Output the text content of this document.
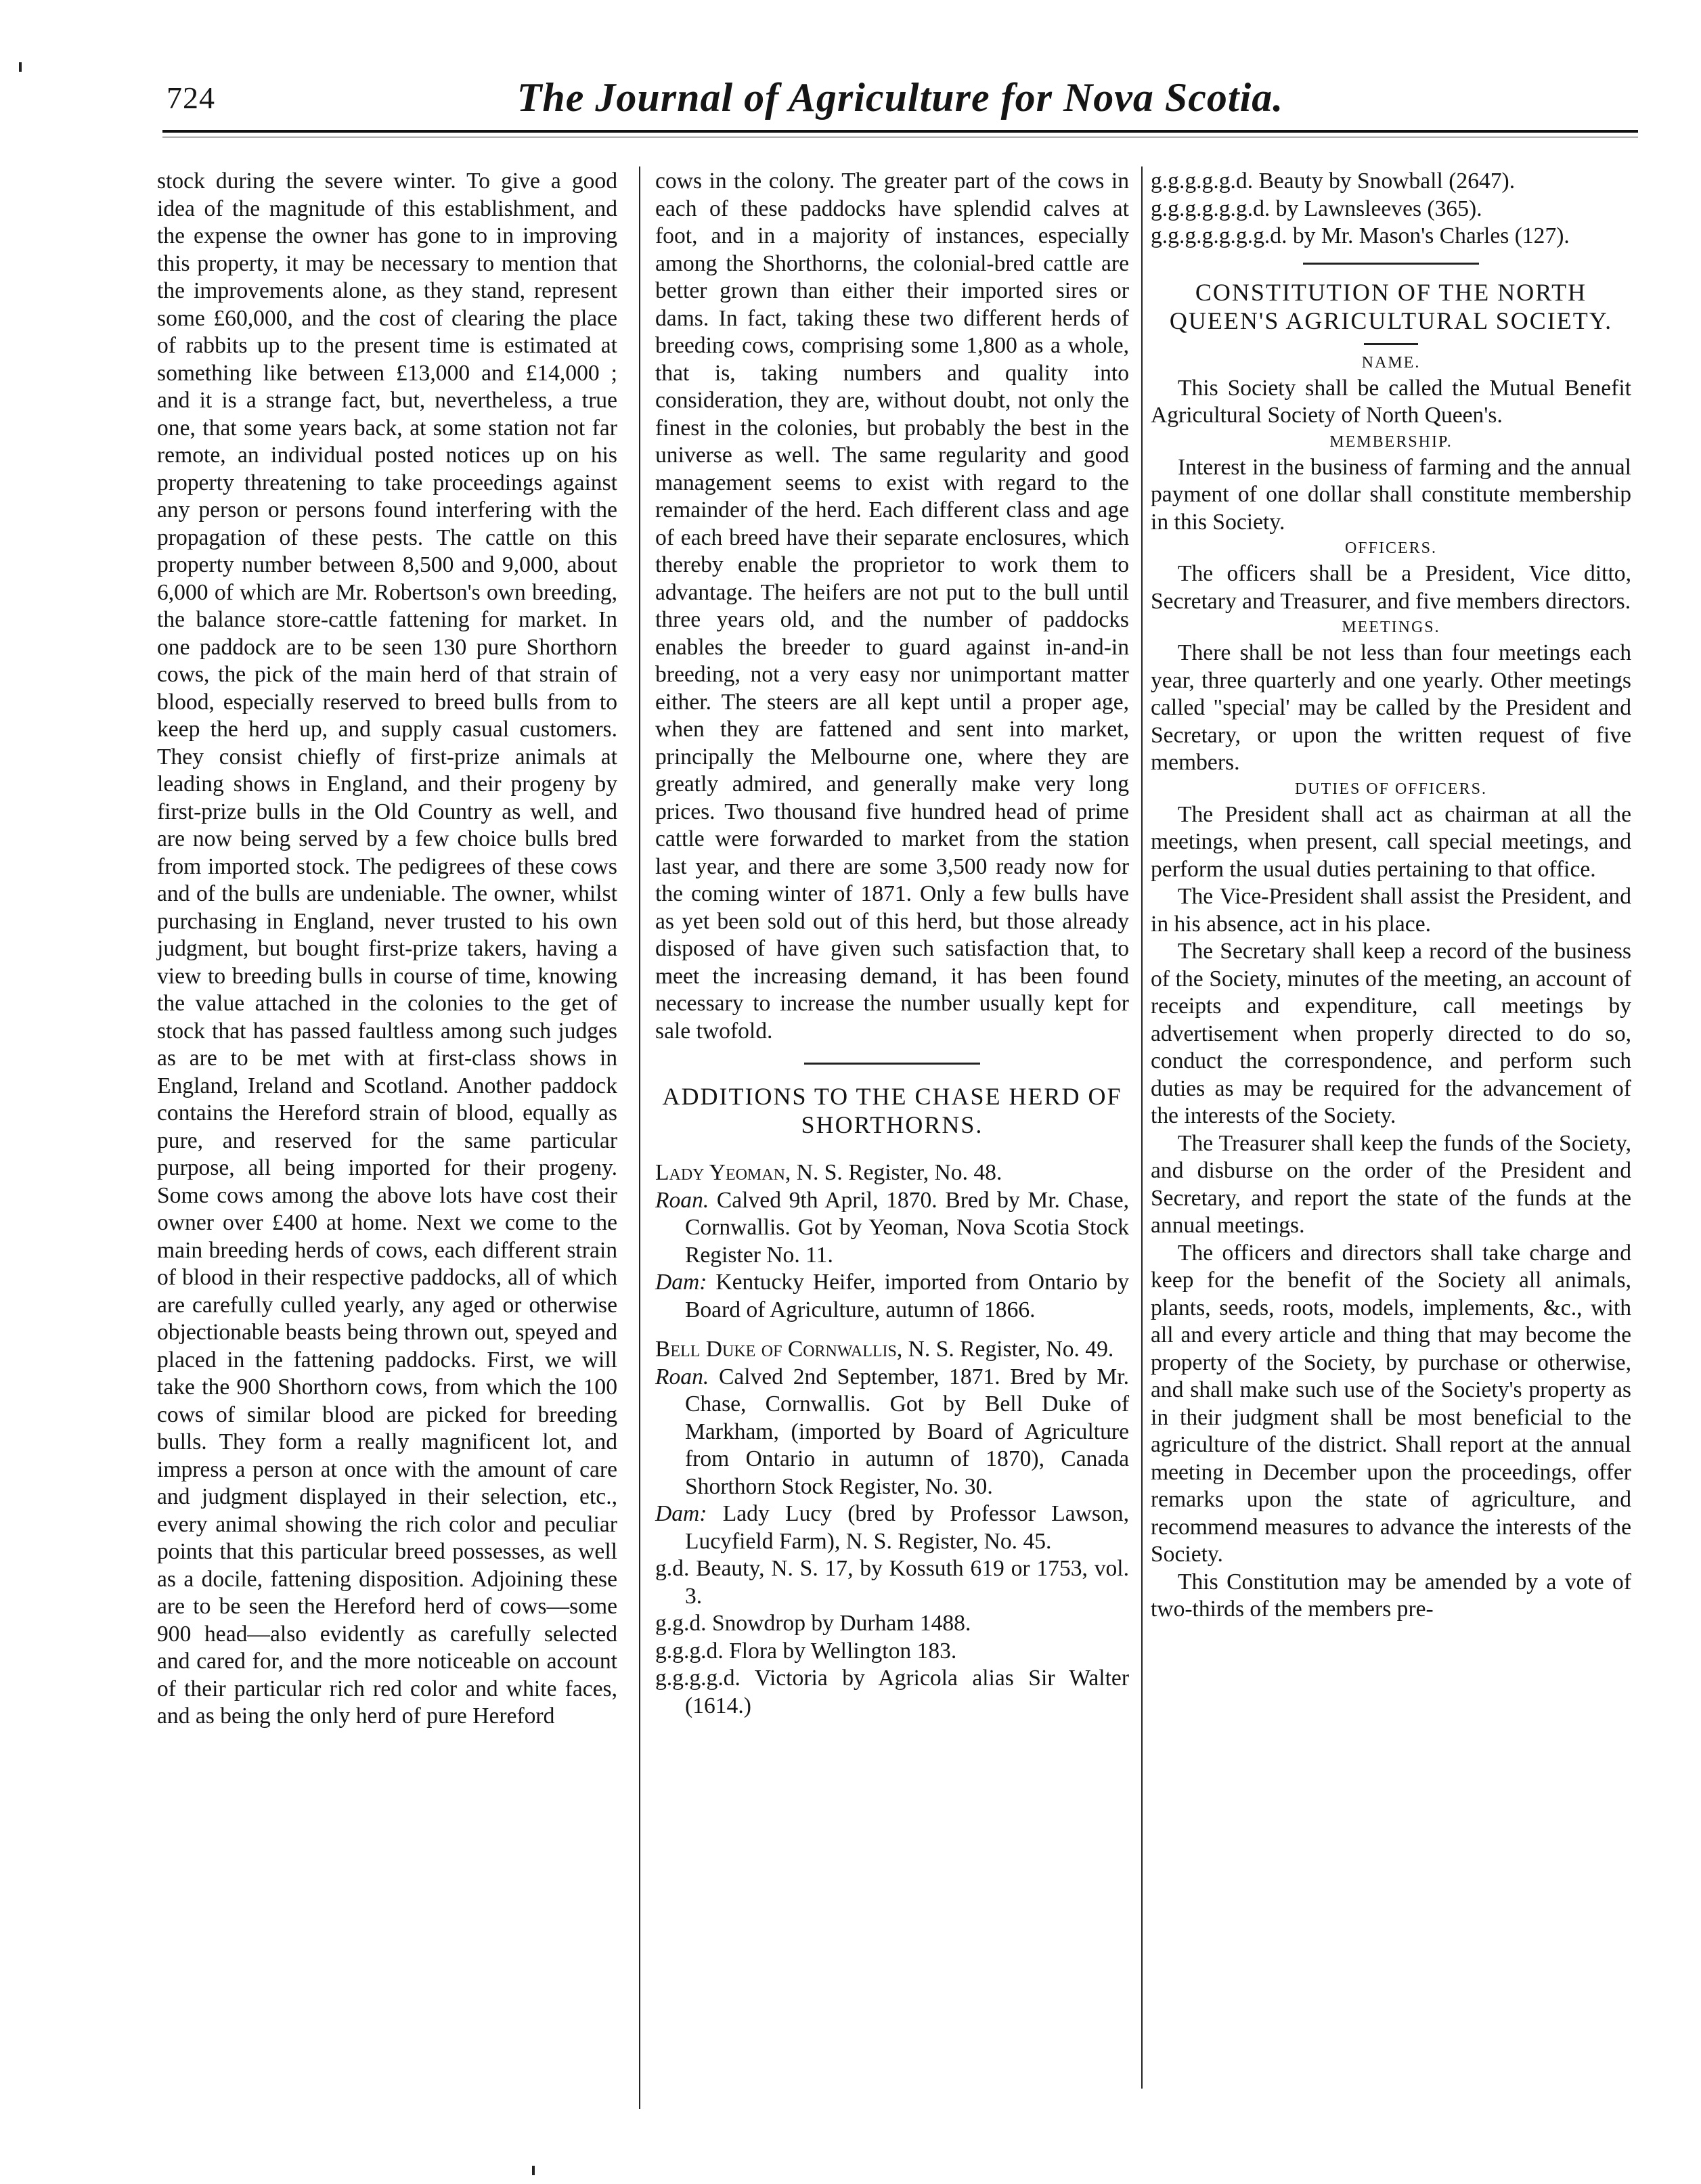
724	The Journal of Agriculture for Nova Scotia.

stock during the severe winter. To give a good idea of the magnitude of this establishment, and the expense the owner has gone to in improving this property, it may be necessary to mention that the improvements alone, as they stand, represent some £60,000, and the cost of clearing the place of rabbits up to the present time is estimated at something like between £13,000 and £14,000 ; and it is a strange fact, but, nevertheless, a true one, that some years back, at some station not far remote, an individual posted notices up on his property threatening to take proceedings against any person or persons found interfering with the propagation of these pests. The cattle on this property number between 8,500 and 9,000, about 6,000 of which are Mr. Robertson's own breeding, the balance store-cattle fattening for market. In one paddock are to be seen 130 pure Shorthorn cows, the pick of the main herd of that strain of blood, especially reserved to breed bulls from to keep the herd up, and supply casual customers. They consist chiefly of first-prize animals at leading shows in England, and their progeny by first-prize bulls in the Old Country as well, and are now being served by a few choice bulls bred from imported stock. The pedigrees of these cows and of the bulls are undeniable. The owner, whilst purchasing in England, never trusted to his own judgment, but bought first-prize takers, having a view to breeding bulls in course of time, knowing the value attached in the colonies to the get of stock that has passed faultless among such judges as are to be met with at first-class shows in England, Ireland and Scotland. Another paddock contains the Hereford strain of blood, equally as pure, and reserved for the same particular purpose, all being imported for their progeny. Some cows among the above lots have cost their owner over £400 at home. Next we come to the main breeding herds of cows, each different strain of blood in their respective paddocks, all of which are carefully culled yearly, any aged or otherwise objectionable beasts being thrown out, speyed and placed in the fattening paddocks. First, we will take the 900 Shorthorn cows, from which the 100 cows of similar blood are picked for breeding bulls. They form a really magnificent lot, and impress a person at once with the amount of care and judgment displayed in their selection, etc., every animal showing the rich color and peculiar points that this particular breed possesses, as well as a docile, fattening disposition. Adjoining these are to be seen the Hereford herd of cows—some 900 head—also evidently as carefully selected and cared for, and the more noticeable on account of their particular rich red color and white faces, and as being the only herd of pure Hereford

cows in the colony. The greater part of the cows in each of these paddocks have splendid calves at foot, and in a majority of instances, especially among the Shorthorns, the colonial-bred cattle are better grown than either their imported sires or dams. In fact, taking these two different herds of breeding cows, comprising some 1,800 as a whole, that is, taking numbers and quality into consideration, they are, without doubt, not only the finest in the colonies, but probably the best in the universe as well. The same regularity and good management seems to exist with regard to the remainder of the herd. Each different class and age of each breed have their separate enclosures, which thereby enable the proprietor to work them to advantage. The heifers are not put to the bull until three years old, and the number of paddocks enables the breeder to guard against in-and-in breeding, not a very easy nor unimportant matter either. The steers are all kept until a proper age, when they are fattened and sent into market, principally the Melbourne one, where they are greatly admired, and generally make very long prices. Two thousand five hundred head of prime cattle were forwarded to market from the station last year, and there are some 3,500 ready now for the coming winter of 1871. Only a few bulls have as yet been sold out of this herd, but those already disposed of have given such satisfaction that, to meet the increasing demand, it has been found necessary to increase the number usually kept for sale twofold.

ADDITIONS TO THE CHASE HERD OF SHORTHORNS.

Lady Yeoman, N. S. Register, No. 48.

Roan. Calved 9th April, 1870. Bred by Mr. Chase, Cornwallis. Got by Yeoman, Nova Scotia Stock Register No. 11.

Dam: Kentucky Heifer, imported from Ontario by Board of Agriculture, autumn of 1866.

Bell Duke of Cornwallis, N. S. Register, No. 49.

Roan. Calved 2nd September, 1871. Bred by Mr. Chase, Cornwallis. Got by Bell Duke of Markham, (imported by Board of Agriculture from Ontario in autumn of 1870), Canada Shorthorn Stock Register, No. 30.

Dam: Lady Lucy (bred by Professor Lawson, Lucyfield Farm), N. S. Register, No. 45.

g.d. Beauty, N. S. 17, by Kossuth 619 or 1753, vol. 3.

g.g.d. Snowdrop by Durham 1488.

g.g.g.d. Flora by Wellington 183.

g.g.g.g.d. Victoria by Agricola alias Sir Walter (1614.)

g.g.g.g.g.d. Beauty by Snowball (2647).

g.g.g.g.g.g.d. by Lawnsleeves (365).

g.g.g.g.g.g.g.d. by Mr. Mason's Charles (127).

CONSTITUTION OF THE NORTH QUEEN'S AGRICULTURAL SOCIETY.

NAME.

This Society shall be called the Mutual Benefit Agricultural Society of North Queen's.

MEMBERSHIP.

Interest in the business of farming and the annual payment of one dollar shall constitute membership in this Society.

OFFICERS.

The officers shall be a President, Vice ditto, Secretary and Treasurer, and five members directors.

MEETINGS.

There shall be not less than four meetings each year, three quarterly and one yearly. Other meetings called "special' may be called by the President and Secretary, or upon the written request of five members.

DUTIES OF OFFICERS.

The President shall act as chairman at all the meetings, when present, call special meetings, and perform the usual duties pertaining to that office.

The Vice-President shall assist the President, and in his absence, act in his place.

The Secretary shall keep a record of the business of the Society, minutes of the meeting, an account of receipts and expenditure, call meetings by advertisement when properly directed to do so, conduct the correspondence, and perform such duties as may be required for the advancement of the interests of the Society.

The Treasurer shall keep the funds of the Society, and disburse on the order of the President and Secretary, and report the state of the funds at the annual meetings.

The officers and directors shall take charge and keep for the benefit of the Society all animals, plants, seeds, roots, models, implements, &c., with all and every article and thing that may become the property of the Society, by purchase or otherwise, and shall make such use of the Society's property as in their judgment shall be most beneficial to the agriculture of the district. Shall report at the annual meeting in December upon the proceedings, offer remarks upon the state of agriculture, and recommend measures to advance the interests of the Society.

This Constitution may be amended by a vote of two-thirds of the members pre-
